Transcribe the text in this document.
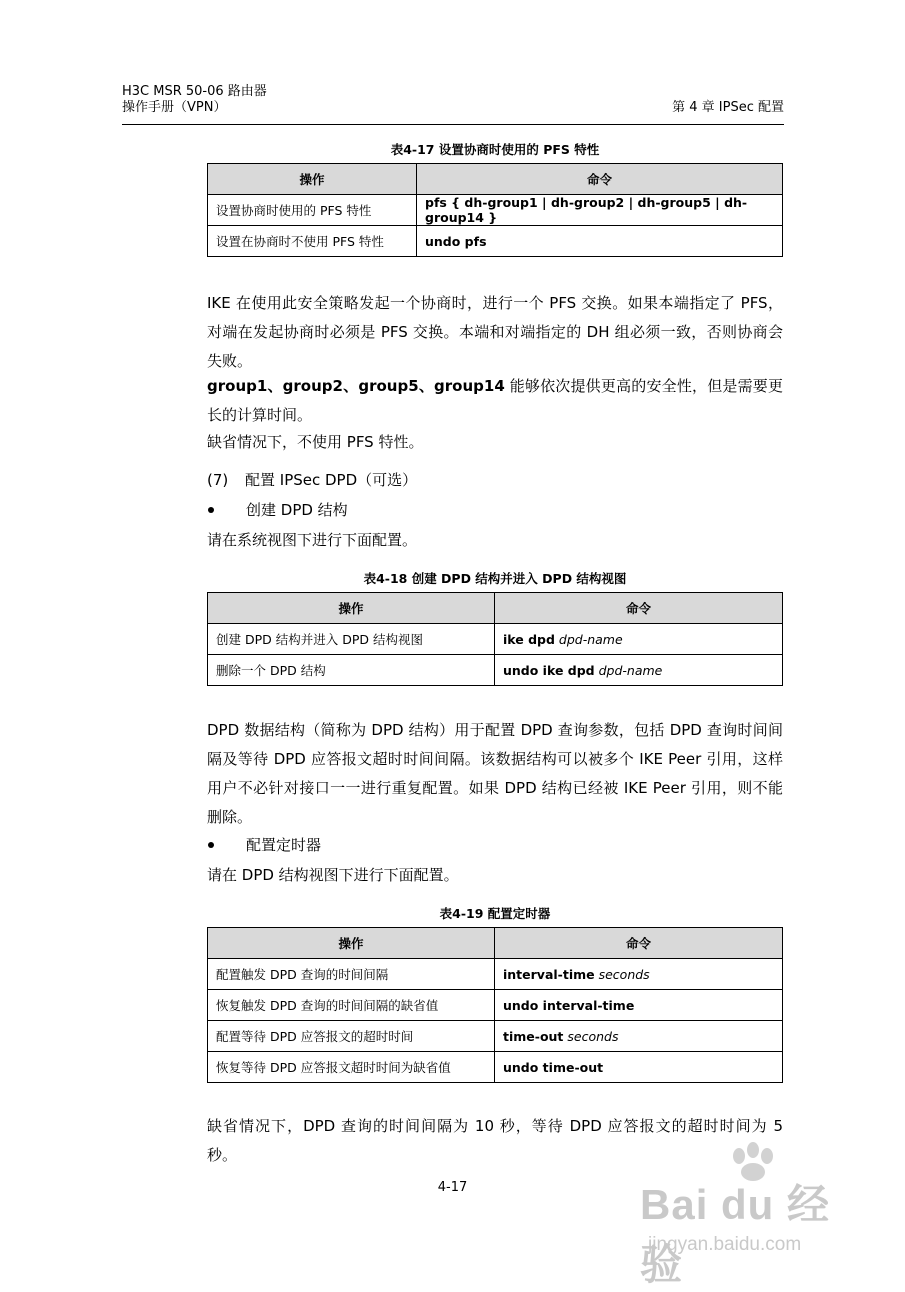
H3C MSR 50-06 路由器
操作手册（VPN）	第 4 章 IPSec 配置
表4-17 设置协商时使用的 PFS 特性
操作	命令
设置协商时使用的 PFS 特性	pfs { dh-group1 | dh-group2 | dh-group5 | dh-group14 }
设置在协商时不使用 PFS 特性	undo pfs

IKE 在使用此安全策略发起一个协商时，进行一个 PFS 交换。如果本端指定了 PFS，对端在发起协商时必须是 PFS 交换。本端和对端指定的 DH 组必须一致，否则协商会失败。

group1、group2、group5、group14 能够依次提供更高的安全性，但是需要更长的计算时间。

缺省情况下，不使用 PFS 特性。

(7)	配置 IPSec DPD（可选）
创建 DPD 结构

请在系统视图下进行下面配置。

表4-18 创建 DPD 结构并进入 DPD 结构视图
操作	命令
创建 DPD 结构并进入 DPD 结构视图	ike dpd dpd-name
删除一个 DPD 结构	undo ike dpd dpd-name

DPD 数据结构（简称为 DPD 结构）用于配置 DPD 查询参数，包括 DPD 查询时间间隔及等待 DPD 应答报文超时时间间隔。该数据结构可以被多个 IKE Peer 引用，这样用户不必针对接口一一进行重复配置。如果 DPD 结构已经被 IKE Peer 引用，则不能删除。

配置定时器

请在 DPD 结构视图下进行下面配置。

表4-19 配置定时器
操作	命令
配置触发 DPD 查询的时间间隔	interval-time seconds
恢复触发 DPD 查询的时间间隔的缺省值	undo interval-time
配置等待 DPD 应答报文的超时时间	time-out seconds
恢复等待 DPD 应答报文超时时间为缺省值	undo time-out

缺省情况下，DPD 查询的时间间隔为 10 秒，等待 DPD 应答报文的超时时间为 5 秒。

4-17	Bai du 经验
jingyan.baidu.com
